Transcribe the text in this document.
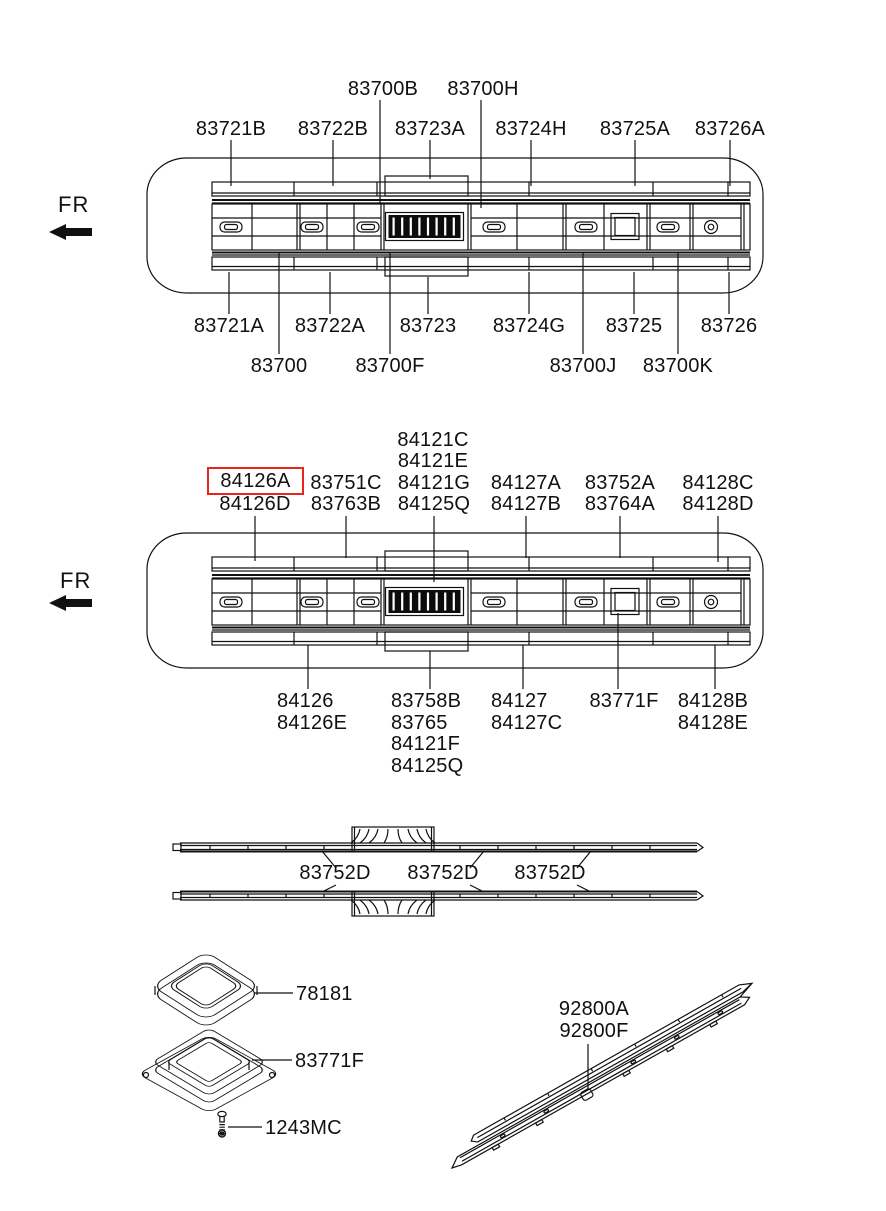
FR
FR
83700B 83700H
83721B 83722B 83723A 83724H 83725A 83726A
83721A 83722A 83723 83724G 83725 83726
83700 83700F	83700J 83700K
84121C
84121E
84126A 83751C 84121G 84127A 83752A 84128C
84126D 83763B 84125Q 84127B 83764A 84128D
84126
84126E
83758B
83765
84121F
84125Q
84127
84127C
83771F 84128B
84128E
83752D 83752D 83752D
78181
83771F
1243MC
92800A
92800F
